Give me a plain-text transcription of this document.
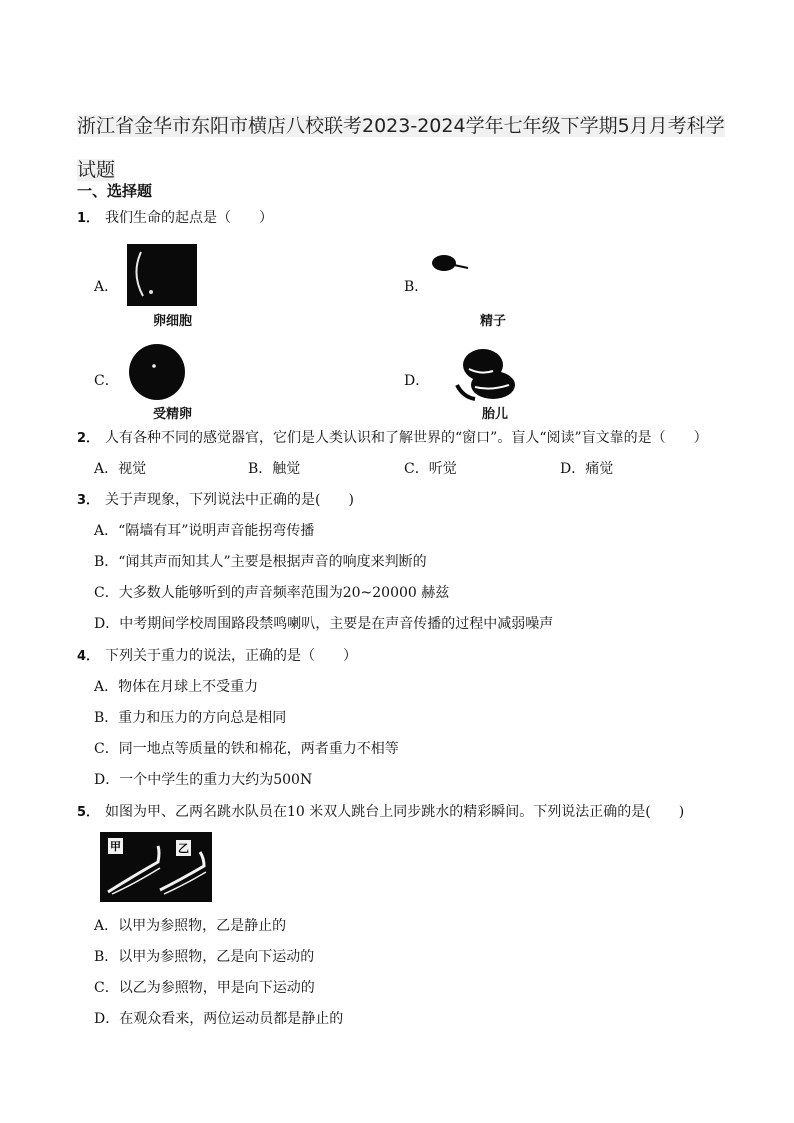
浙江省金华市东阳市横店八校联考2023-2024学年七年级下学期5月月考科学试题
一、选择题
1． 我们生命的起点是（　　）
A．
卵细胞
B．
精子
C．
受精卵
D．
胎儿
2． 人有各种不同的感觉器官，它们是人类认识和了解世界的“窗口”。盲人“阅读”盲文靠的是（　　）
A．视觉	B．触觉	C．听觉	D．痛觉
3． 关于声现象，下列说法中正确的是(　　)
A．“隔墙有耳”说明声音能拐弯传播
B．“闻其声而知其人”主要是根据声音的响度来判断的
C．大多数人能够听到的声音频率范围为20~20000 赫兹
D．中考期间学校周围路段禁鸣喇叭，主要是在声音传播的过程中减弱噪声
4． 下列关于重力的说法，正确的是（　　）
A．物体在月球上不受重力
B．重力和压力的方向总是相同
C．同一地点等质量的铁和棉花，两者重力不相等
D．一个中学生的重力大约为500N
5． 如图为甲、乙两名跳水队员在10 米双人跳台上同步跳水的精彩瞬间。下列说法正确的是(　　)
甲	乙
A．以甲为参照物，乙是静止的
B．以甲为参照物，乙是向下运动的
C．以乙为参照物，甲是向下运动的
D．在观众看来，两位运动员都是静止的
